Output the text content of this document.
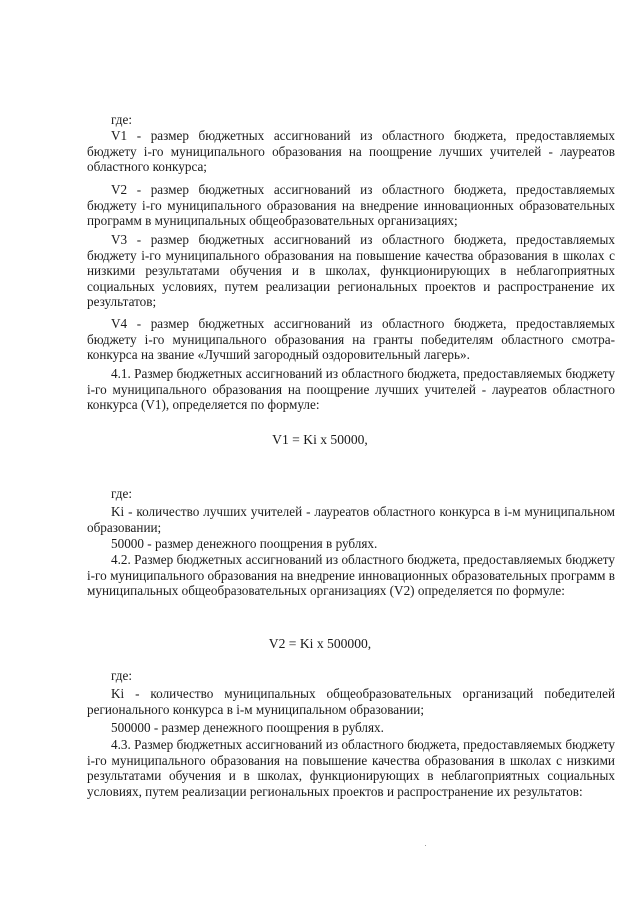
где:

V1 - размер бюджетных ассигнований из областного бюджета, предоставляемых бюджету i-го муниципального образования на поощрение лучших учителей - лауреатов областного конкурса;

V2 - размер бюджетных ассигнований из областного бюджета, предоставляемых бюджету i-го муниципального образования на внедрение инновационных образовательных программ в муниципальных общеобразовательных организациях;

V3 - размер бюджетных ассигнований из областного бюджета, предоставляемых бюджету i-го муниципального образования на повышение качества образования в школах с низкими результатами обучения и в школах, функционирующих в неблагоприятных социальных условиях, путем реализации региональных проектов и распространение их результатов;

V4 - размер бюджетных ассигнований из областного бюджета, предоставляемых бюджету i-го муниципального образования на гранты победителям областного смотра-конкурса на звание «Лучший загородный оздоровительный лагерь».

4.1. Размер бюджетных ассигнований из областного бюджета, предоставляемых бюджету i-го муниципального образования на поощрение лучших учителей - лауреатов областного конкурса (V1), определяется по формуле:

V1 = Ki x 50000,

где:

Ki - количество лучших учителей - лауреатов областного конкурса в i-м муниципальном образовании;

50000 - размер денежного поощрения в рублях.

4.2. Размер бюджетных ассигнований из областного бюджета, предоставляемых бюджету i-го муниципального образования на внедрение инновационных образовательных программ в муниципальных общеобразовательных организациях (V2) определяется по формуле:

V2 = Ki x 500000,

где:

Ki - количество муниципальных общеобразовательных организаций победителей регионального конкурса в i-м муниципальном образовании;

500000 - размер денежного поощрения в рублях.

4.3. Размер бюджетных ассигнований из областного бюджета, предоставляемых бюджету i-го муниципального образования на повышение качества образования в школах с низкими результатами обучения и в школах, функционирующих в неблагоприятных социальных условиях, путем реализации региональных проектов и распространение их результатов:
